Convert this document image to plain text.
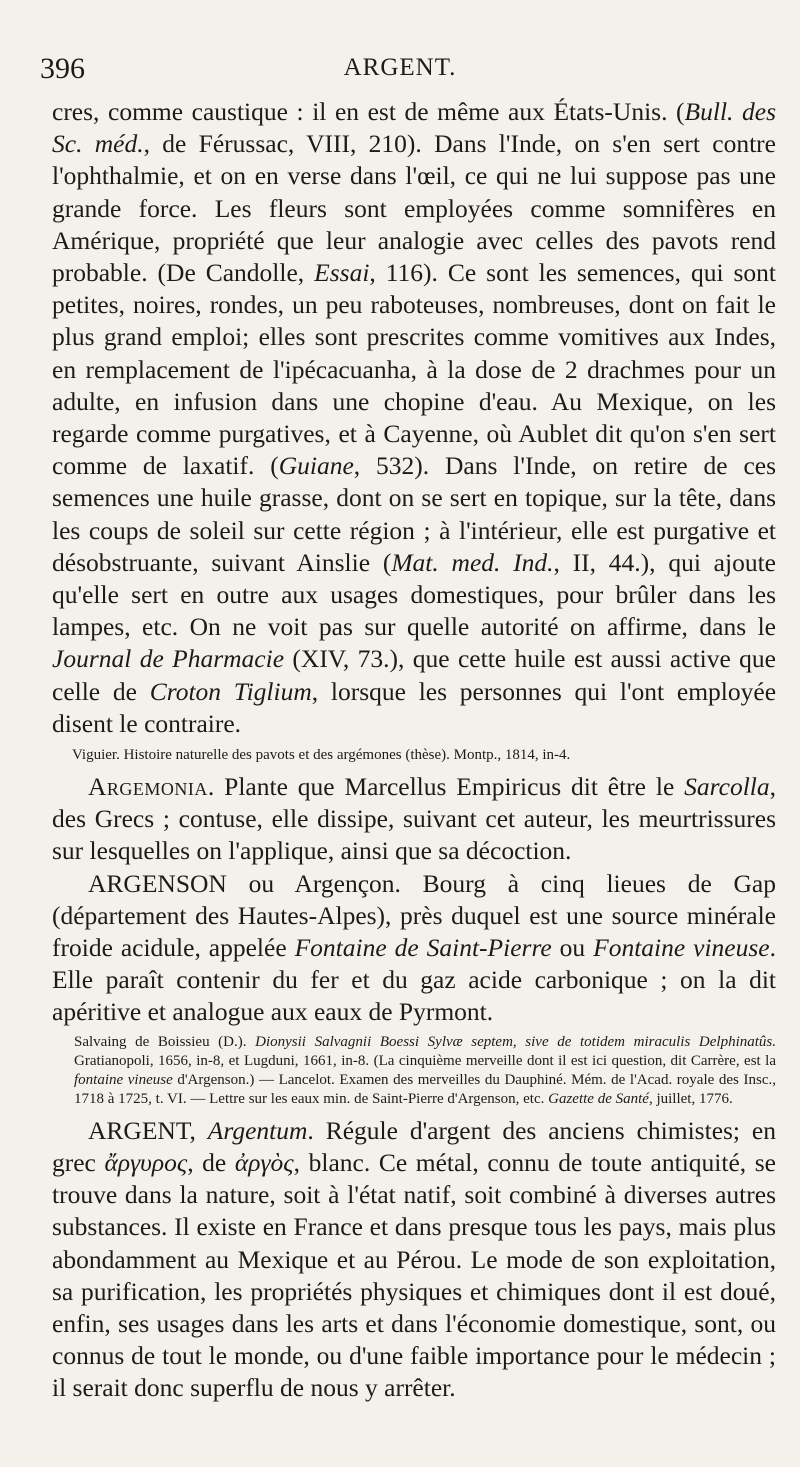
396	ARGENT.

cres, comme caustique : il en est de même aux États-Unis. (Bull. des Sc. méd., de Férussac, VIII, 210). Dans l'Inde, on s'en sert contre l'ophthalmie, et on en verse dans l'œil, ce qui ne lui suppose pas une grande force. Les fleurs sont employées comme somnifères en Amérique, propriété que leur analogie avec celles des pavots rend probable. (De Candolle, Essai, 116). Ce sont les semences, qui sont petites, noires, rondes, un peu raboteuses, nombreuses, dont on fait le plus grand emploi; elles sont prescrites comme vomitives aux Indes, en remplacement de l'ipécacuanha, à la dose de 2 drachmes pour un adulte, en infusion dans une chopine d'eau. Au Mexique, on les regarde comme purgatives, et à Cayenne, où Aublet dit qu'on s'en sert comme de laxatif. (Guiane, 532). Dans l'Inde, on retire de ces semences une huile grasse, dont on se sert en topique, sur la tête, dans les coups de soleil sur cette région ; à l'intérieur, elle est purgative et désobstruante, suivant Ainslie (Mat. med. Ind., II, 44.), qui ajoute qu'elle sert en outre aux usages domestiques, pour brûler dans les lampes, etc. On ne voit pas sur quelle autorité on affirme, dans le Journal de Pharmacie (XIV, 73.), que cette huile est aussi active que celle de Croton Tiglium, lorsque les personnes qui l'ont employée disent le contraire.

Viguier. Histoire naturelle des pavots et des argémones (thèse). Montp., 1814, in-4.

Argemonia. Plante que Marcellus Empiricus dit être le Sarcolla, des Grecs ; contuse, elle dissipe, suivant cet auteur, les meurtrissures sur lesquelles on l'applique, ainsi que sa décoction.

ARGENSON ou Argençon. Bourg à cinq lieues de Gap (département des Hautes-Alpes), près duquel est une source minérale froide acidule, appelée Fontaine de Saint-Pierre ou Fontaine vineuse. Elle paraît contenir du fer et du gaz acide carbonique ; on la dit apéritive et analogue aux eaux de Pyrmont.

Salvaing de Boissieu (D.). Dionysii Salvagnii Boessi Sylvæ septem, sive de totidem miraculis Delphinatûs. Gratianopoli, 1656, in-8, et Lugduni, 1661, in-8. (La cinquième merveille dont il est ici question, dit Carrère, est la fontaine vineuse d'Argenson.) — Lancelot. Examen des merveilles du Dauphiné. Mém. de l'Acad. royale des Insc., 1718 à 1725, t. VI. — Lettre sur les eaux min. de Saint-Pierre d'Argenson, etc. Gazette de Santé, juillet, 1776.

ARGENT, Argentum. Régule d'argent des anciens chimistes; en grec ἄργυρος, de ἀργὸς, blanc. Ce métal, connu de toute antiquité, se trouve dans la nature, soit à l'état natif, soit combiné à diverses autres substances. Il existe en France et dans presque tous les pays, mais plus abondamment au Mexique et au Pérou. Le mode de son exploitation, sa purification, les propriétés physiques et chimiques dont il est doué, enfin, ses usages dans les arts et dans l'économie domestique, sont, ou connus de tout le monde, ou d'une faible importance pour le médecin ; il serait donc superflu de nous y arrêter.
